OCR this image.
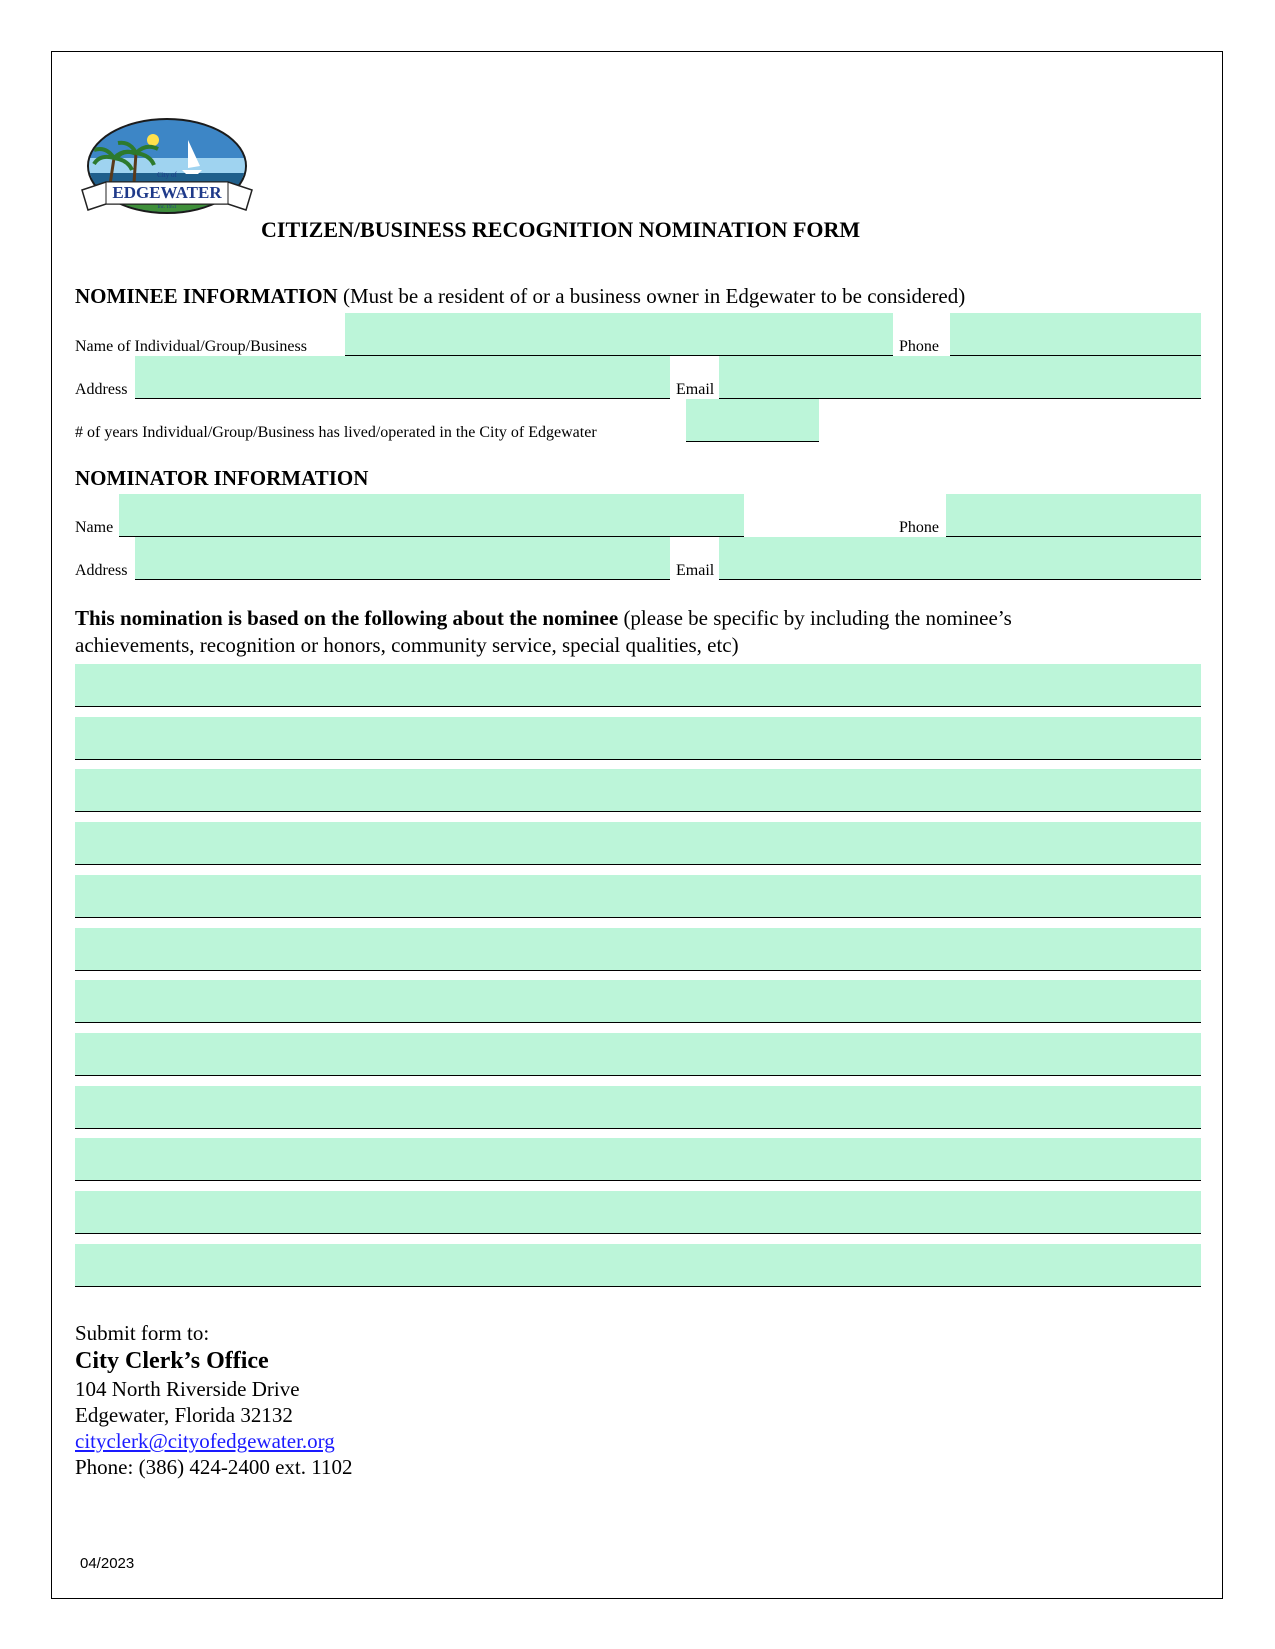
City of
EDGEWATER
Inc. 1951
CITIZEN/BUSINESS RECOGNITION NOMINATION FORM
NOMINEE INFORMATION (Must be a resident of or a business owner in Edgewater to be considered)
Name of Individual/Group/Business	Phone
Address	Email
# of years Individual/Group/Business has lived/operated in the City of Edgewater
NOMINATOR INFORMATION
Name	Phone
Address	Email
This nomination is based on the following about the nominee (please be specific by including the nominee’s
achievements, recognition or honors, community service, special qualities, etc)
Submit form to:
City Clerk’s Office
104 North Riverside Drive
Edgewater, Florida 32132
cityclerk@cityofedgewater.org
Phone: (386) 424-2400 ext. 1102
04/2023
